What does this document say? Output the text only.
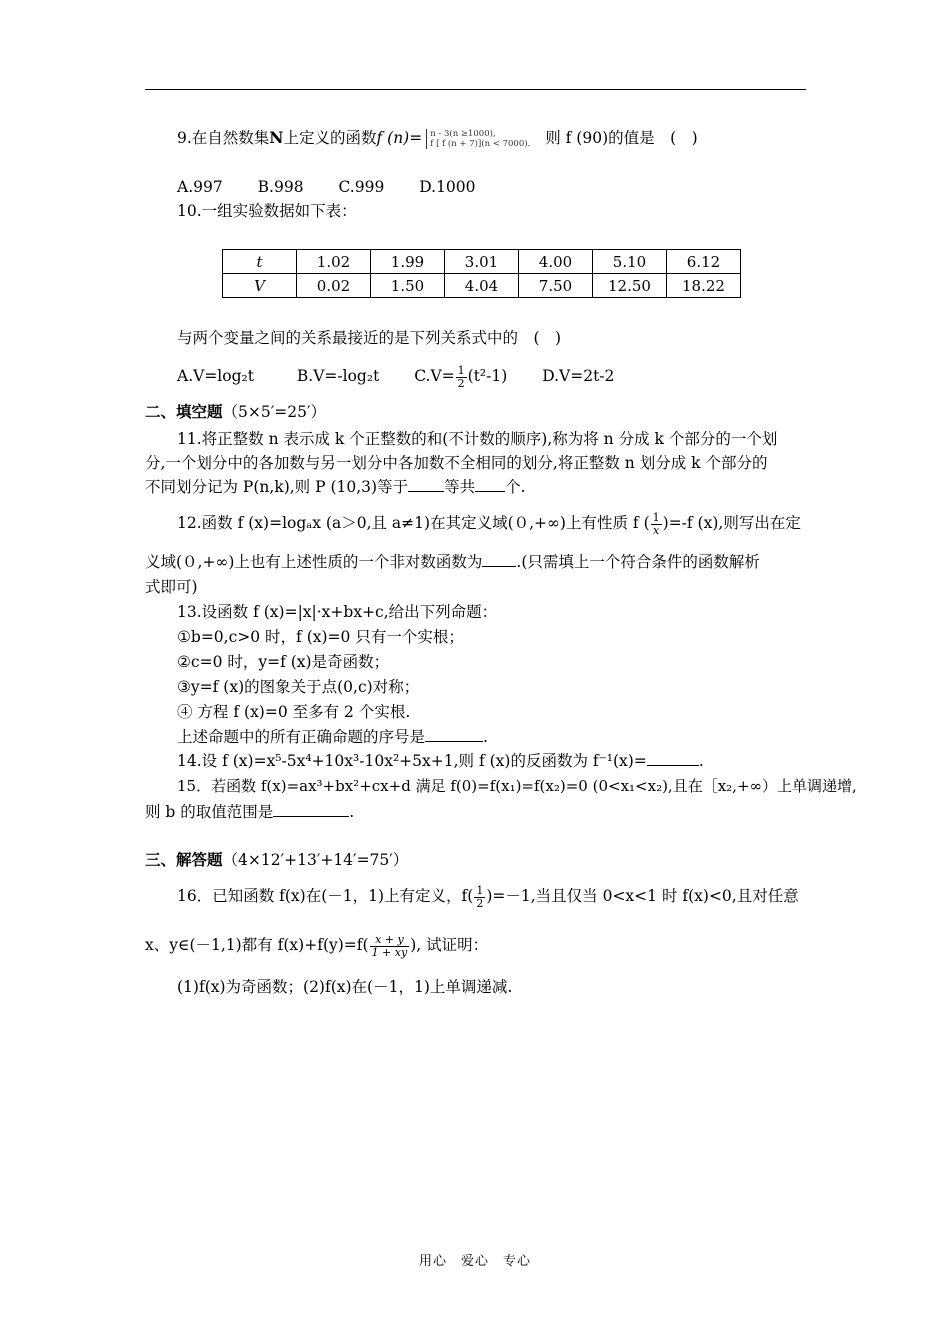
9.在自然数集N上定义的函数f (n)= n - 3(n ≥1000),
f [ f (n + 7)](n < 7000). 则 f (90)的值是　(　)
A.997 B.998 C.999 D.1000
10.一组实验数据如下表：
t	1.02	1.99	3.01	4.00	5.10	6.12
V	0.02	1.50	4.04	7.50	12.50	18.22
与两个变量之间的关系最接近的是下列关系式中的　(　)
A.V=log₂t	B.V=-log₂t $C.V= \frac{1}{2} (t^2-1)$ D.V=2t-2
二、填空题（5×5′=25′）
11.将正整数 n 表示成 k 个正整数的和(不计数的顺序),称为将 n 分成 k 个部分的一个划
分,一个划分中的各加数与另一划分中各加数不全相同的划分,将正整数 n 划分成 k 个部分的
不同划分记为 P(n,k),则 P (10,3)等于 等共 个.
12.函数 f (x)=logₐx (a＞0,且 a≠1)在其定义域(０,+∞)上有性质 f ( $\frac{1}{x} )=-f$ (x),则写出在定
义域(０,+∞)上也有上述性质的一个非对数函数为 .(只需填上一个符合条件的函数解析
式即可)
13.设函数 f (x)=|x|·x+bx+c,给出下列命题：
①b=0,c>0 时，f (x)=0 只有一个实根；
②c=0 时，y=f (x)是奇函数；
③y=f (x)的图象关于点(0,c)对称；
④ 方程 f (x)=0 至多有 2 个实根.
上述命题中的所有正确命题的序号是	.
14.设 f (x)=x⁵-5x⁴+10x³-10x²+5x+1,则 f (x)的反函数为 f⁻¹(x)=	.
15．若函数 f(x)=ax³+bx²+cx+d 满足 f(0)=f(x₁)=f(x₂)=0 (0<x₁<x₂),且在［x₂,+∞）上单调递增,
则 b 的取值范围是	.
三、解答题（4×12′+13′+14′=75′）
16．已知函数 f(x)在(－1，1)上有定义，$f( \frac{1}{2} )=-1$,当且仅当 0<x<1 时 f(x)<0,且对任意
x、y∈(－1,1)都有 $f(x)+f(y)=f( \frac{x + y}{1 + xy}$ ), 试证明：
(1)f(x)为奇函数；(2)f(x)在(－1，1)上单调递减.
用心　爱心　专心
